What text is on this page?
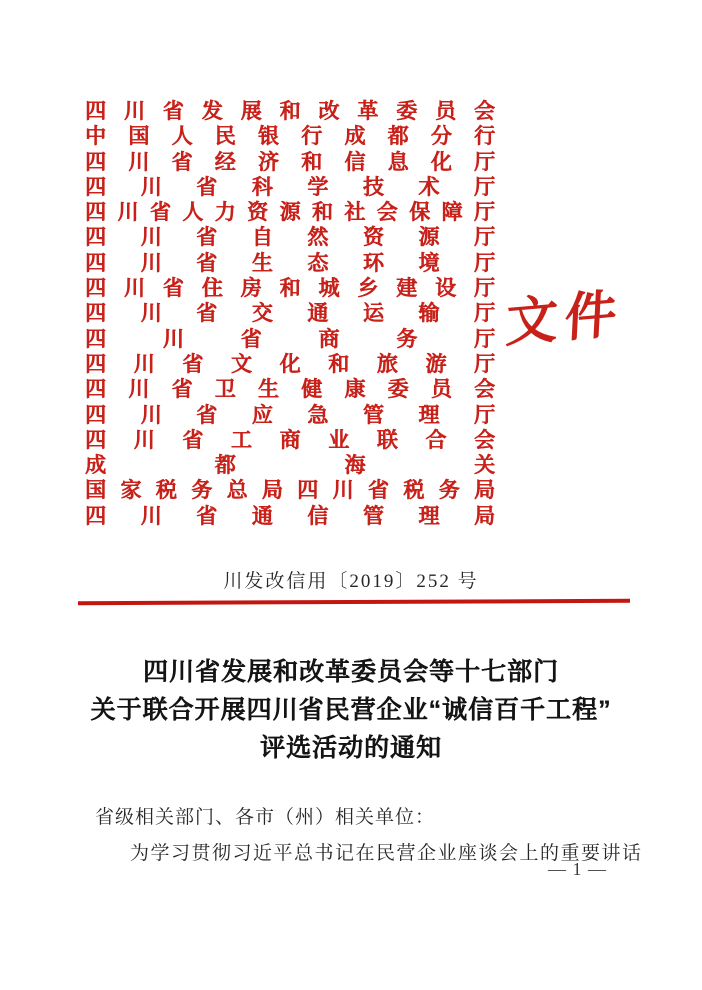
四 川 省 发 展 和 改 革 委 员 会
中 国 人 民 银 行 成 都 分 行
四 川 省 经 济 和 信 息 化 厅
四 川 省 科 学 技 术 厅
四 川 省 人 力 资 源 和 社 会 保 障 厅
四 川 省 自 然 资 源 厅
四 川 省 生 态 环 境 厅
四 川 省 住 房 和 城 乡 建 设 厅
四 川 省 交 通 运 输 厅
四	川	省	商	务	厅
四 川 省 文 化 和 旅 游 厅
四 川 省 卫 生 健 康 委 员 会
四 川 省 应 急 管 理 厅
四 川 省 工 商 业 联 合 会
成	都	海	关
国 家 税 务 总 局 四 川 省 税 务 局
四 川 省 通 信 管 理 局
文件
川发改信用〔2019〕252 号
四川省发展和改革委员会等十七部门
关于联合开展四川省民营企业“诚信百千工程”
评选活动的通知
省级相关部门、各市（州）相关单位：
为学习贯彻习近平总书记在民营企业座谈会上的重要讲话
— 1 —
